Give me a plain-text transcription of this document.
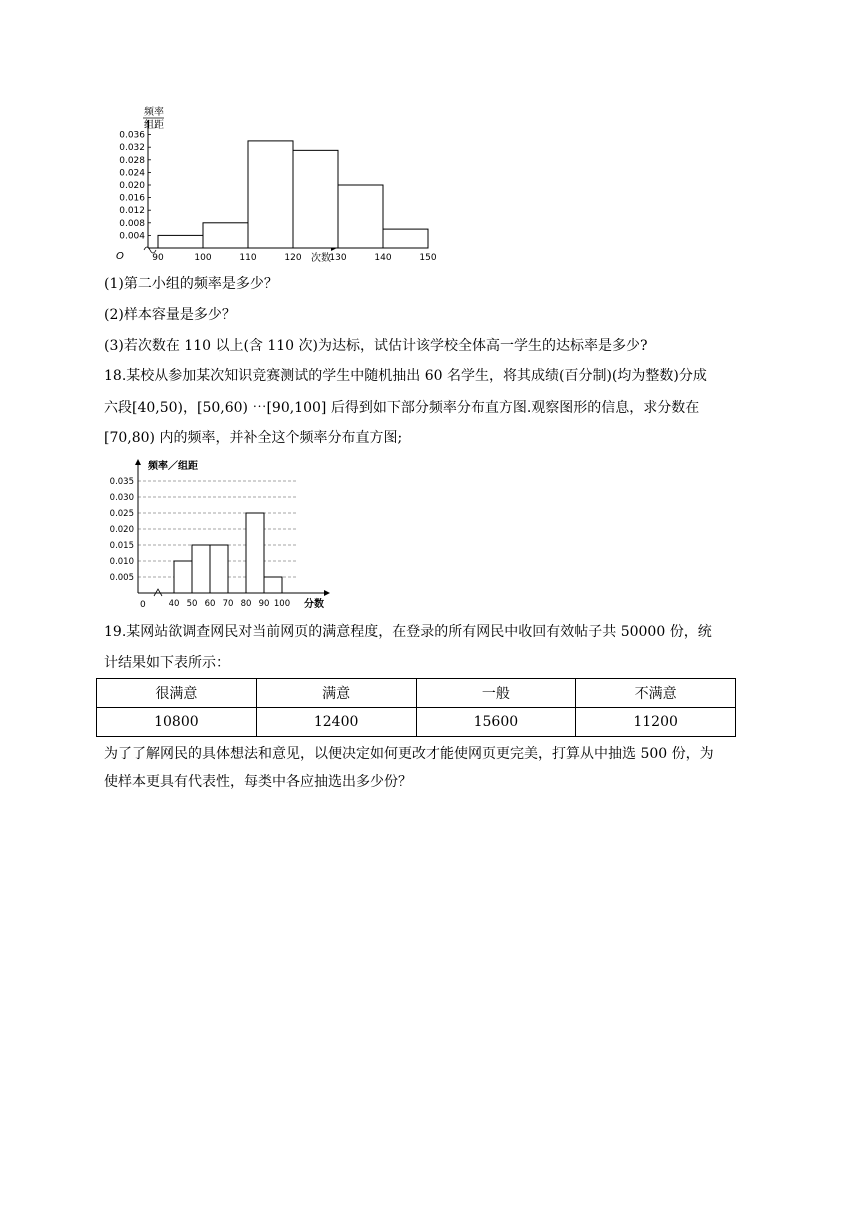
0.004
0.008
0.012
0.016
0.020
0.024
0.028
0.032
0.036
90	100	110	120	130	140	150
频率
组距
O	次数
(1)第二小组的频率是多少？
(2)样本容量是多少？
(3)若次数在 110 以上(含 110 次)为达标，试估计该学校全体高一学生的达标率是多少?
18.某校从参加某次知识竞赛测试的学生中随机抽出 60 名学生，将其成绩(百分制)(均为整数)分成
六段[40,50)，[50,60) ⋯[90,100] 后得到如下部分频率分布直方图.观察图形的信息，求分数在
[70,80) 内的频率，并补全这个频率分布直方图;
0.005
0.010
0.015
0.020
0.025
0.030
0.035
40 50 60 70 80 90 100
频率／组距
0	分数
19.某网站欲调查网民对当前网页的满意程度，在登录的所有网民中收回有效帖子共 50000 份，统
计结果如下表所示：
很满意	满意	一般	不满意
10800	12400	15600	11200
为了了解网民的具体想法和意见，以便决定如何更改才能使网页更完美，打算从中抽选 500 份，为
使样本更具有代表性，每类中各应抽选出多少份？
